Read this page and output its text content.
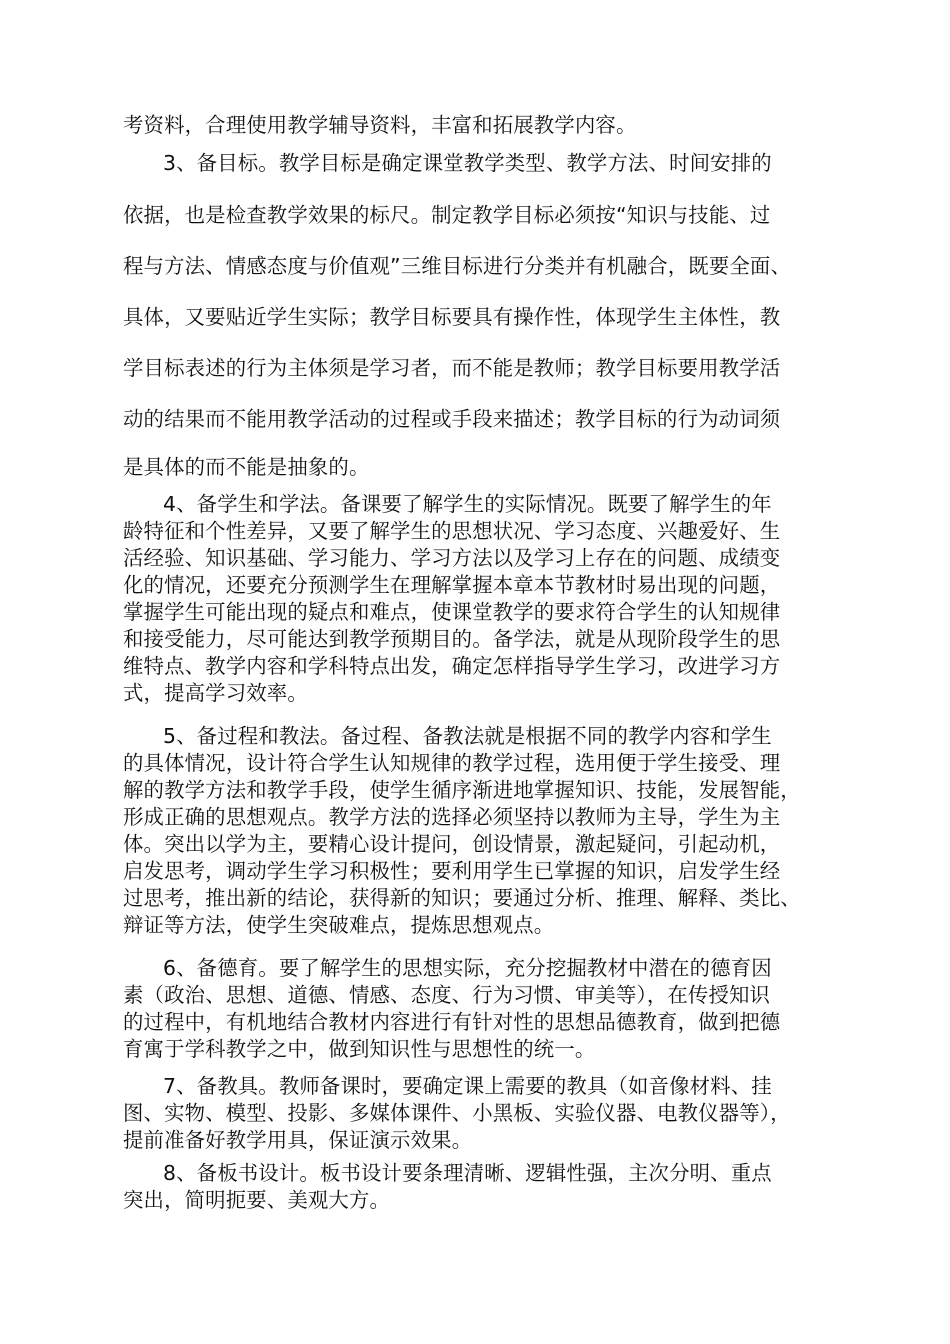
考资料，合理使用教学辅导资料，丰富和拓展教学内容。
3、备目标。教学目标是确定课堂教学类型、教学方法、时间安排的
依据，也是检查教学效果的标尺。制定教学目标必须按“知识与技能、过
程与方法、情感态度与价值观”三维目标进行分类并有机融合，既要全面、
具体，又要贴近学生实际；教学目标要具有操作性，体现学生主体性，教
学目标表述的行为主体须是学习者，而不能是教师；教学目标要用教学活
动的结果而不能用教学活动的过程或手段来描述；教学目标的行为动词须
是具体的而不能是抽象的。
4、备学生和学法。备课要了解学生的实际情况。既要了解学生的年
龄特征和个性差异，又要了解学生的思想状况、学习态度、兴趣爱好、生
活经验、知识基础、学习能力、学习方法以及学习上存在的问题、成绩变
化的情况，还要充分预测学生在理解掌握本章本节教材时易出现的问题，
掌握学生可能出现的疑点和难点，使课堂教学的要求符合学生的认知规律
和接受能力，尽可能达到教学预期目的。备学法，就是从现阶段学生的思
维特点、教学内容和学科特点出发，确定怎样指导学生学习，改进学习方
式，提高学习效率。
5、备过程和教法。备过程、备教法就是根据不同的教学内容和学生
的具体情况，设计符合学生认知规律的教学过程，选用便于学生接受、理
解的教学方法和教学手段，使学生循序渐进地掌握知识、技能，发展智能，
形成正确的思想观点。教学方法的选择必须坚持以教师为主导，学生为主
体。突出以学为主，要精心设计提问，创设情景，激起疑问，引起动机，
启发思考，调动学生学习积极性；要利用学生已掌握的知识，启发学生经
过思考，推出新的结论，获得新的知识；要通过分析、推理、解释、类比、
辩证等方法，使学生突破难点，提炼思想观点。
6、备德育。要了解学生的思想实际，充分挖掘教材中潜在的德育因
素（政治、思想、道德、情感、态度、行为习惯、审美等），在传授知识
的过程中，有机地结合教材内容进行有针对性的思想品德教育，做到把德
育寓于学科教学之中，做到知识性与思想性的统一。
7、备教具。教师备课时，要确定课上需要的教具（如音像材料、挂
图、实物、模型、投影、多媒体课件、小黑板、实验仪器、电教仪器等），
提前准备好教学用具，保证演示效果。
8、备板书设计。板书设计要条理清晰、逻辑性强，主次分明、重点
突出，简明扼要、美观大方。
